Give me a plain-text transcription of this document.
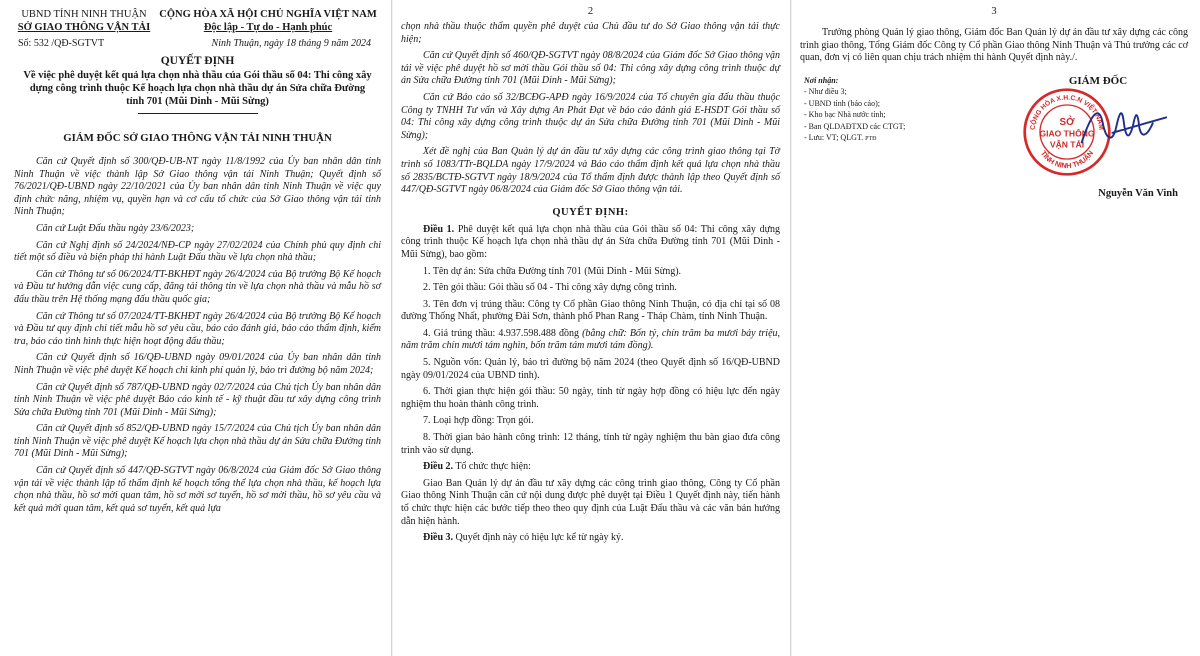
UBND TỈNH NINH THUẬN
SỞ GIAO THÔNG VẬN TẢI
CỘNG HÒA XÃ HỘI CHỦ NGHĨA VIỆT NAM
Độc lập - Tự do - Hạnh phúc
Số: 532 /QĐ-SGTVT	Ninh Thuận, ngày 18 tháng 9 năm 2024
QUYẾT ĐỊNH
Về việc phê duyệt kết quả lựa chọn nhà thầu của Gói thầu số 04: Thi công xây dựng công trình thuộc Kế hoạch lựa chọn nhà thầu dự án Sửa chữa Đường tỉnh 701 (Mũi Dinh - Mũi Sừng)
GIÁM ĐỐC SỞ GIAO THÔNG VẬN TẢI NINH THUẬN

Căn cứ Quyết định số 300/QĐ-UB-NT ngày 11/8/1992 của Ủy ban nhân dân tỉnh Ninh Thuận về việc thành lập Sở Giao thông vận tải Ninh Thuận; Quyết định số 76/2021/QĐ-UBND ngày 22/10/2021 của Ủy ban nhân dân tỉnh Ninh Thuận về việc quy định chức năng, nhiệm vụ, quyền hạn và cơ cấu tổ chức của Sở Giao thông vận tải tỉnh Ninh Thuận;

Căn cứ Luật Đấu thầu ngày 23/6/2023;

Căn cứ Nghị định số 24/2024/NĐ-CP ngày 27/02/2024 của Chính phủ quy định chi tiết một số điều và biện pháp thi hành Luật Đấu thầu về lựa chọn nhà thầu;

Căn cứ Thông tư số 06/2024/TT-BKHĐT ngày 26/4/2024 của Bộ trưởng Bộ Kế hoạch và Đầu tư hướng dẫn việc cung cấp, đăng tải thông tin về lựa chọn nhà thầu và mẫu hồ sơ đấu thầu trên Hệ thống mạng đấu thầu quốc gia;

Căn cứ Thông tư số 07/2024/TT-BKHĐT ngày 26/4/2024 của Bộ trưởng Bộ Kế hoạch và Đầu tư quy định chi tiết mẫu hồ sơ yêu cầu, báo cáo đánh giá, báo cáo thẩm định, kiểm tra, báo cáo tình hình thực hiện hoạt động đấu thầu;

Căn cứ Quyết định số 16/QĐ-UBND ngày 09/01/2024 của Ủy ban nhân dân tỉnh Ninh Thuận về việc phê duyệt Kế hoạch chi kinh phí quản lý, bảo trì đường bộ năm 2024;

Căn cứ Quyết định số 787/QĐ-UBND ngày 02/7/2024 của Chủ tịch Ủy ban nhân dân tỉnh Ninh Thuận về việc phê duyệt Báo cáo kinh tế - kỹ thuật đầu tư xây dựng công trình Sửa chữa Đường tỉnh 701 (Mũi Dinh - Mũi Sừng);

Căn cứ Quyết định số 852/QĐ-UBND ngày 15/7/2024 của Chủ tịch Ủy ban nhân dân tỉnh Ninh Thuận về việc phê duyệt Kế hoạch lựa chọn nhà thầu dự án Sửa chữa Đường tỉnh 701 (Mũi Dinh - Mũi Sừng);

Căn cứ Quyết định số 447/QĐ-SGTVT ngày 06/8/2024 của Giám đốc Sở Giao thông vận tải về việc thành lập tổ thẩm định kế hoạch tổng thể lựa chọn nhà thầu, kế hoạch lựa chọn nhà thầu, hồ sơ mời quan tâm, hồ sơ mời sơ tuyển, hồ sơ mời thầu, hồ sơ yêu cầu và kết quả mời quan tâm, kết quả sơ tuyển, kết quả lựa

2

chọn nhà thầu thuộc thẩm quyền phê duyệt của Chủ đầu tư do Sở Giao thông vận tải thực hiện;

Căn cứ Quyết định số 460/QĐ-SGTVT ngày 08/8/2024 của Giám đốc Sở Giao thông vận tải về việc phê duyệt hồ sơ mời thầu Gói thầu số 04: Thi công xây dựng công trình thuộc dự án Sửa chữa Đường tỉnh 701 (Mũi Dinh - Mũi Sừng);

Căn cứ Báo cáo số 32/BCĐG-APĐ ngày 16/9/2024 của Tổ chuyên gia đấu thầu thuộc Công ty TNHH Tư vấn và Xây dựng An Phát Đạt về báo cáo đánh giá E-HSDT Gói thầu số 04: Thi công xây dựng công trình thuộc dự án Sửa chữa Đường tỉnh 701 (Mũi Dinh - Mũi Sừng);

Xét đề nghị của Ban Quản lý dự án đầu tư xây dựng các công trình giao thông tại Tờ trình số 1083/TTr-BQLDA ngày 17/9/2024 và Báo cáo thẩm định kết quả lựa chọn nhà thầu số 2835/BCTĐ-SGTVT ngày 18/9/2024 của Tổ thẩm định được thành lập theo Quyết định số 447/QĐ-SGTVT ngày 06/8/2024 của Giám đốc Sở Giao thông vận tải.

QUYẾT ĐỊNH:

Điều 1. Phê duyệt kết quả lựa chọn nhà thầu của Gói thầu số 04: Thi công xây dựng công trình thuộc Kế hoạch lựa chọn nhà thầu dự án Sửa chữa Đường tỉnh 701 (Mũi Dinh - Mũi Sừng), bao gồm:

1. Tên dự án: Sửa chữa Đường tỉnh 701 (Mũi Dinh - Mũi Sừng).

2. Tên gói thầu: Gói thầu số 04 - Thi công xây dựng công trình.

3. Tên đơn vị trúng thầu: Công ty Cổ phần Giao thông Ninh Thuận, có địa chỉ tại số 08 đường Thống Nhất, phường Đài Sơn, thành phố Phan Rang - Tháp Chàm, tỉnh Ninh Thuận.

4. Giá trúng thầu: 4.937.598.488 đồng (bằng chữ: Bốn tỷ, chín trăm ba mươi bảy triệu, năm trăm chín mươi tám nghìn, bốn trăm tám mươi tám đồng).

5. Nguồn vốn: Quản lý, bảo trì đường bộ năm 2024 (theo Quyết định số 16/QĐ-UBND ngày 09/01/2024 của UBND tỉnh).

6. Thời gian thực hiện gói thầu: 50 ngày, tính từ ngày hợp đồng có hiệu lực đến ngày nghiệm thu hoàn thành công trình.

7. Loại hợp đồng: Trọn gói.

8. Thời gian bảo hành công trình: 12 tháng, tính từ ngày nghiệm thu bàn giao đưa công trình vào sử dụng.

Điều 2. Tổ chức thực hiện:

Giao Ban Quản lý dự án đầu tư xây dựng các công trình giao thông, Công ty Cổ phần Giao thông Ninh Thuận căn cứ nội dung được phê duyệt tại Điều 1 Quyết định này, tiến hành tổ chức thực hiện các bước tiếp theo theo quy định của Luật Đấu thầu và các văn bản hướng dẫn hiện hành.

Điều 3. Quyết định này có hiệu lực kể từ ngày ký.

3

Trưởng phòng Quản lý giao thông, Giám đốc Ban Quản lý dự án đầu tư xây dựng các công trình giao thông, Tổng Giám đốc Công ty Cổ phần Giao thông Ninh Thuận và Thủ trưởng các cơ quan, đơn vị có liên quan chịu trách nhiệm thi hành Quyết định này./.

Nơi nhận:
- Như điều 3;
- UBND tỉnh (báo cáo);
- Kho bạc Nhà nước tỉnh;
- Ban QLDAĐTXD các CTGT;
- Lưu: VT; QLGT. PTĐ
GIÁM ĐỐC
CỘNG HÒA X.H.C.N VIỆT NAM
TỈNH NINH THUẬN
SỞ
GIAO THÔNG
VẬN TẢI
Nguyễn Văn Vinh
